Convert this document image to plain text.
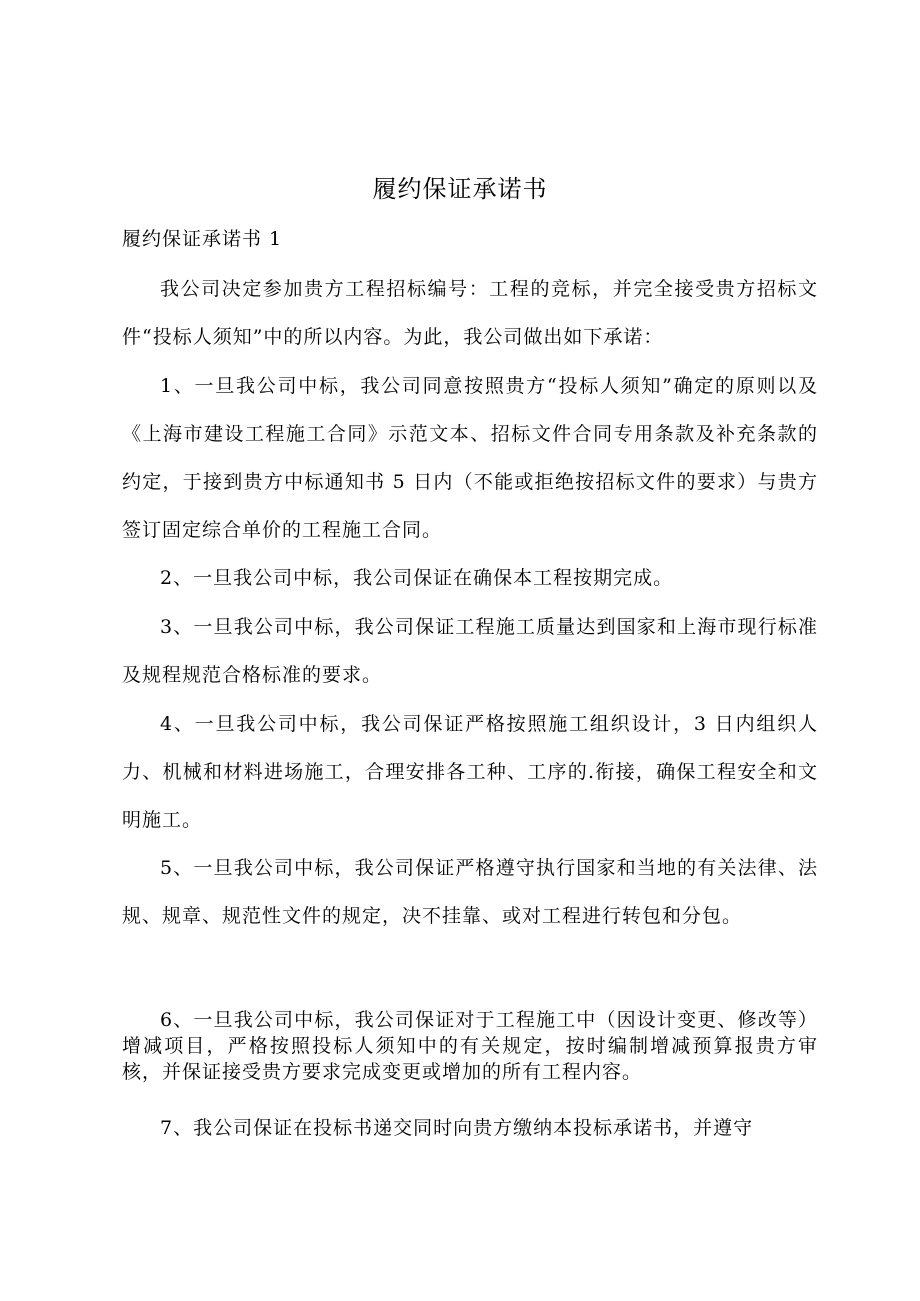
履约保证承诺书
履约保证承诺书 1

我公司决定参加贵方工程招标编号：工程的竞标，并完全接受贵方招标文件“投标人须知”中的所以内容。为此，我公司做出如下承诺：

1、一旦我公司中标，我公司同意按照贵方“投标人须知”确定的原则以及《上海市建设工程施工合同》示范文本、招标文件合同专用条款及补充条款的约定，于接到贵方中标通知书 5 日内（不能或拒绝按招标文件的要求）与贵方签订固定综合单价的工程施工合同。

2、一旦我公司中标，我公司保证在确保本工程按期完成。

3、一旦我公司中标，我公司保证工程施工质量达到国家和上海市现行标准及规程规范合格标准的要求。

4、一旦我公司中标，我公司保证严格按照施工组织设计，3 日内组织人力、机械和材料进场施工，合理安排各工种、工序的.衔接，确保工程安全和文明施工。

5、一旦我公司中标，我公司保证严格遵守执行国家和当地的有关法律、法规、规章、规范性文件的规定，决不挂靠、或对工程进行转包和分包。

6、一旦我公司中标，我公司保证对于工程施工中（因设计变更、修改等）增减项目，严格按照投标人须知中的有关规定，按时编制增减预算报贵方审核，并保证接受贵方要求完成变更或增加的所有工程内容。

7、我公司保证在投标书递交同时向贵方缴纳本投标承诺书，并遵守
